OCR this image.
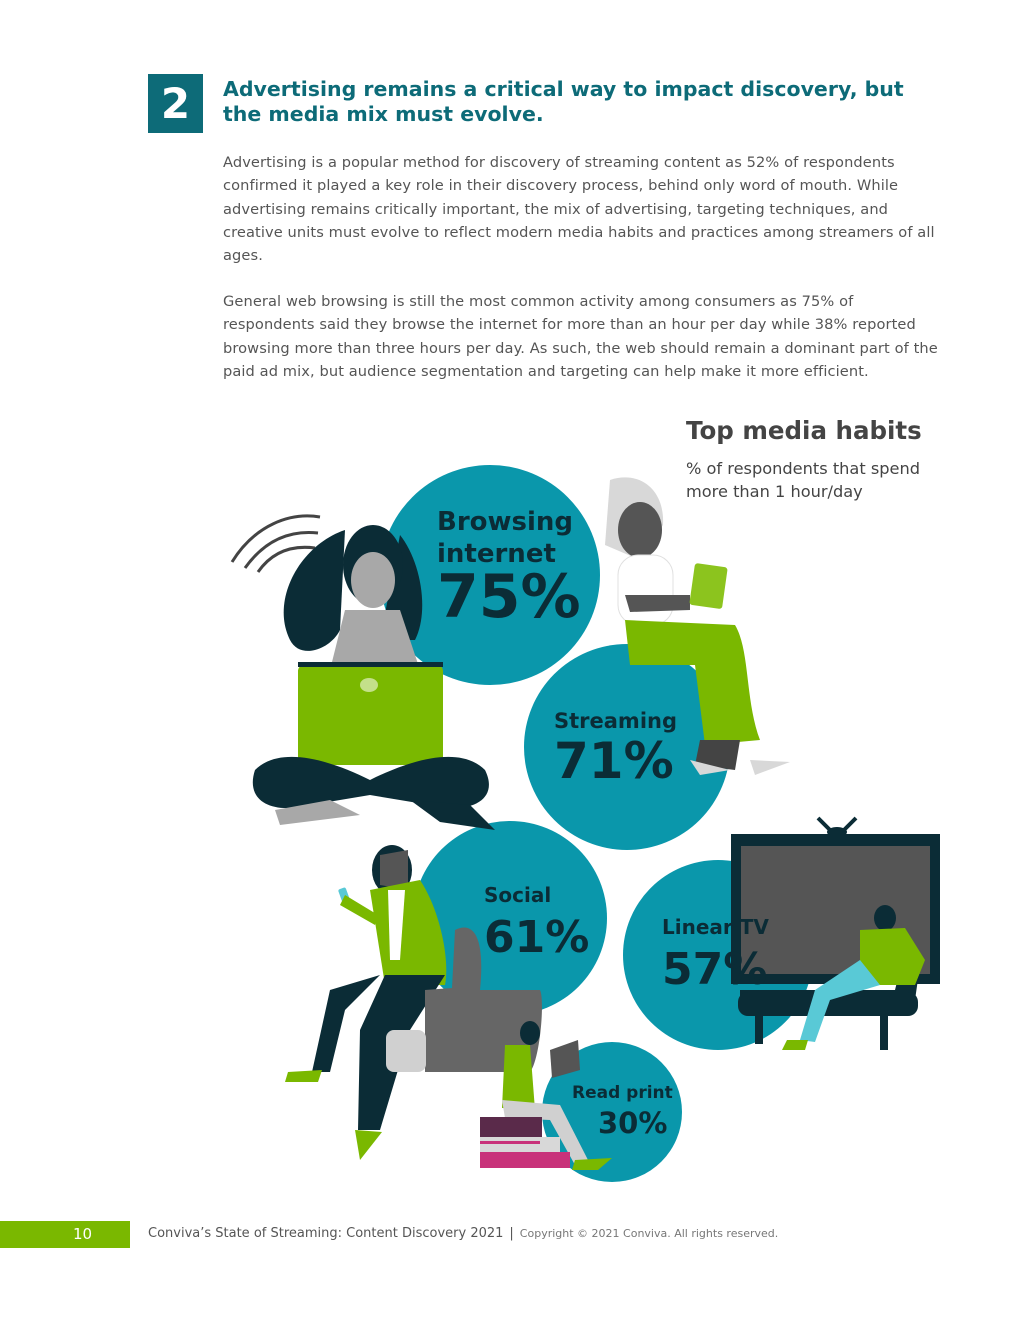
2	Advertising remains a critical way to impact discovery, but the media mix must evolve.

Advertising is a popular method for discovery of streaming content as 52% of respondents confirmed it played a key role in their discovery process, behind only word of mouth. While advertising remains critically important, the mix of advertising, targeting techniques, and creative units must evolve to reflect modern media habits and practices among streamers of all ages.

General web browsing is still the most common activity among consumers as 75% of respondents said they browse the internet for more than an hour per day while 38% reported browsing more than three hours per day. As such, the web should remain a dominant part of the paid ad mix, but audience segmentation and targeting can help make it more efficient.

Browsing
internet
75%
Streaming
71%
Social
61%	Linear TV
57%
Read print
30%
Top media habits

% of respondents that spend more than 1 hour/day

10	Conviva’s State of Streaming: Content Discovery 2021 | Copyright © 2021 Conviva. All rights reserved.
